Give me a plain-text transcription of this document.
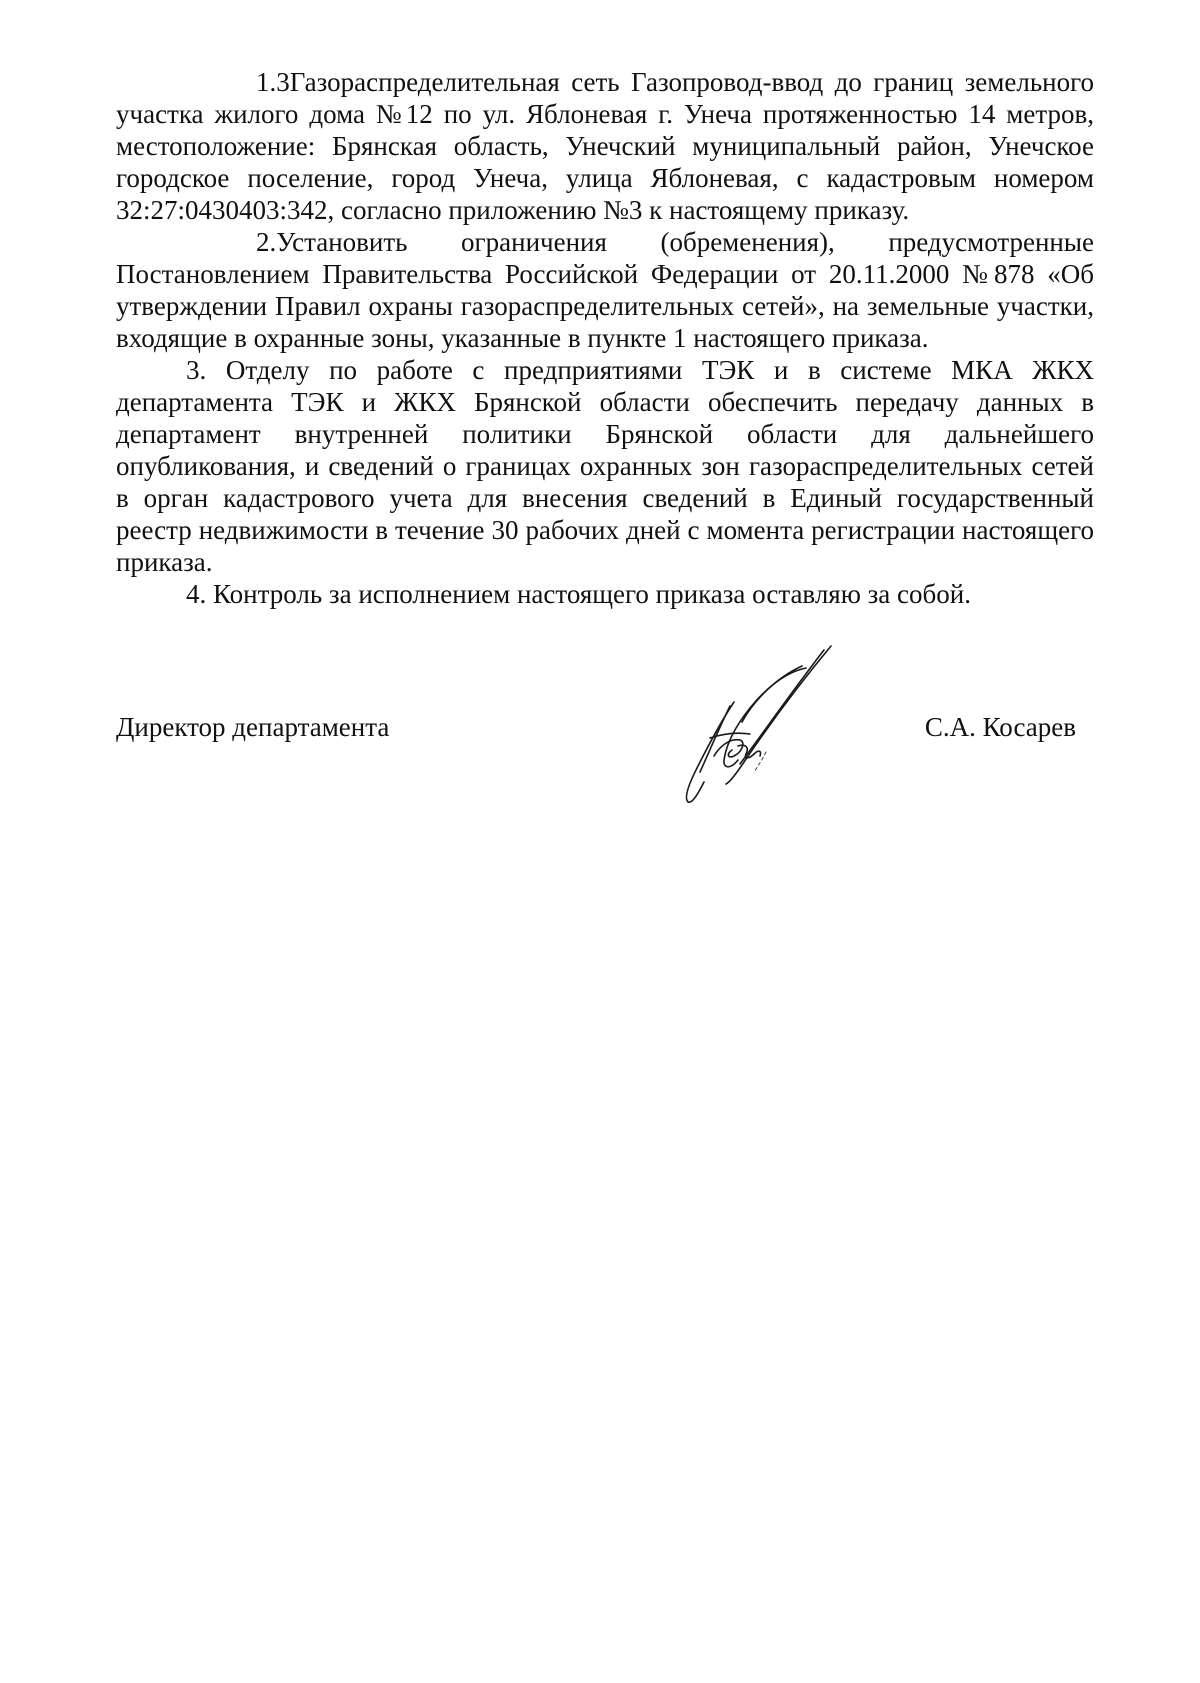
1.3Газораспределительная сеть Газопровод-ввод до границ земельного участка жилого дома №12 по ул. Яблоневая г. Унеча протяженностью 14 метров, местоположение: Брянская область, Унечский муниципальный район, Унечское городское поселение, город Унеча, улица Яблоневая, с кадастровым номером 32:27:0430403:342, согласно приложению №3 к настоящему приказу.

2.Установить ограничения (обременения), предусмотренные Постановлением Правительства Российской Федерации от 20.11.2000 №878 «Об утверждении Правил охраны газораспределительных сетей», на земельные участки, входящие в охранные зоны, указанные в пункте 1 настоящего приказа.

3. Отделу по работе с предприятиями ТЭК и в системе МКА ЖКХ департамента ТЭК и ЖКХ Брянской области обеспечить передачу данных в департамент внутренней политики Брянской области для дальнейшего опубликования, и сведений о границах охранных зон газораспределительных сетей в орган кадастрового учета для внесения сведений в Единый государственный реестр недвижимости в течение 30 рабочих дней с момента регистрации настоящего приказа.

4. Контроль за исполнением настоящего приказа оставляю за собой.

Директор департамента	С.А. Косарев
